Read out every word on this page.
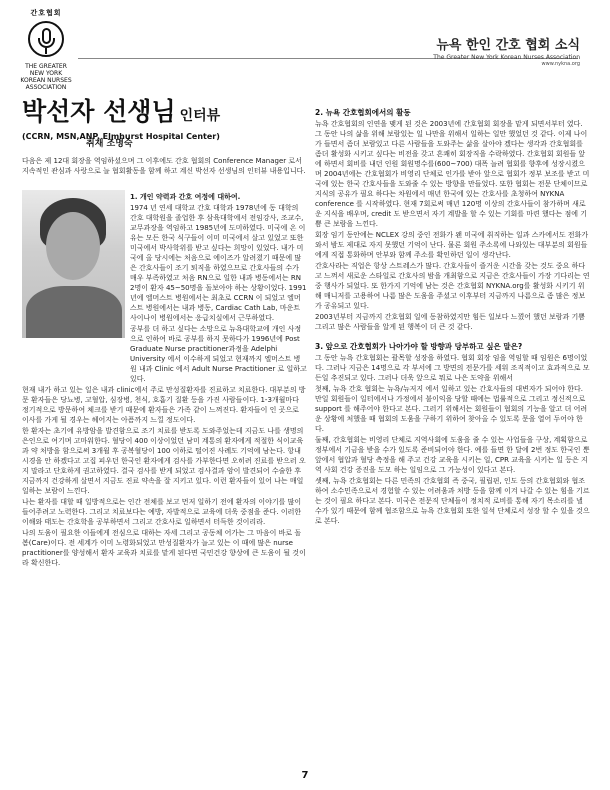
간호협회
THE GREATER NEW YORK KOREAN NURSES ASSOCIATION
뉴욕 한인 간호 협회 소식
The Greater New York Korean Nurses Association
www.nykna.org
박선자 선생님 인터뷰
(CCRN, MSN,ANP, Elmhurst Hospital Center)
취재 조명숙
다음은 제 12대 회장을 역임하셨으며 그 이후에도 간호 협회의 Conference Manager 로서 지속적인 관심과 사랑으로 늘 협회활동을 함께 하고 계신 박선자 선생님의 인터뷰 내용입니다.

1. 개인 약력과 간호 여정에 대하여.

1974 년 연세 대학교 간호 대학과 1978년에 동 대학의 간호 대학원을 졸업한 후 삼육대학에서 전임강사, 조교수, 교무과장을 역임하고 1985년에 도미하였다. 미국에 온 이유는 모든 한국 식구들이 이미 미국에서 살고 있었고 또한 미국에서 박사학위를 받고 싶다는 희망이 있었다. 내가 미국에 올 당시에는 처음으로 에이즈가 알려졌기 때문에 많은 간호사들이 조기 퇴직을 하였으므로 간호사들의 수가 매우 부족하였고 처음 RN으로 일한 내과 병동에서는 RN 2명이 환자 45~50명을 돌보아야 하는 상황이었다. 1991년에 엘머스트 병원에서는 최초로 CCRN 이 되었고 엘머스트 병원에서는 내과 병동, Cardiac Cath Lab, 마운트 사이나이 병원에서는 응급치실에서 근무하였다.

공부를 더 하고 싶다는 소망으로 뉴욕대학교에 개인 사정으로 인하여 바로 공부를 하지 못하다가 1996년에 Post Graduate Nurse practitioner과정을 Adelphi University 에서 이수하게 되었고 현재까지 엘머스트 병원 내과 Clinic 에서 Adult Nurse Practitioner 로 일하고 있다.

현재 내가 하고 있는 일은 내과 clinic에서 주로 만성질환자를 진료하고 치료한다. 대부분의 방문 환자들은 당뇨병, 고혈압, 심장병, 천식, 호흡기 질환 등을 가진 사람들이다. 1-3개월마다 정기적으로 방문하여 체크를 받기 때문에 환자들은 가족 같이 느껴진다. 환자들이 인 곳으로 이사를 가게 될 경우는 헤어지는 아픔까지 느낄 정도이다.

한 환자는 초기에 유방암을 발견함으로 조기 치료를 받도록 도와주었는데 지금도 나를 생명의 은인으로 여기며 고마워한다. 혈당이 400 이상이었던 남미 계통의 환자에게 적절한 식이교육과 약 처방을 함으로써 3개월 후 공복혈당이 100 이하로 떨어진 사례도 기억에 남는다. 항내시경을 안 하겠다고 고집 피우던 한국인 환자에게 검사를 가부한다면 오히려 진료를 받으러 오지 말라고 단호하게 권고하였다. 결국 검사를 받게 되었고 검사결과 암이 발견되어 수술한 후 지금까지 건강하게 살면서 지금도 진료 약속을 잘 지키고 있다. 이런 환자들이 있어 나는 매일 일하는 보람이 느낀다.

나는 환자를 대할 때 일방적으로는 인간 전체를 보고 먼저 일하기 전에 환자의 이야기를 많이 들어주려고 노력한다. 그리고 치료보다는 예방, 자발적으로 교육에 더욱 중점을 준다. 이러한 이해와 태도는 간호학을 공부하면서 그리고 간호사로 일하면서 터득한 것이리라.

나의 도움이 필요한 이들에게 전심으로 대하는 자세 그리고 공동체 어가는 그 마음이 바로 돌봄(Care)이다. 전 세계가 이미 노령화되었고 만성질환자가 늘고 있는 이 때에 많은 nurse practitioner를 양성해서 환자 교육과 치료를 맡게 된다면 국민건강 향상에 큰 도움이 될 것이라 확신한다.

2. 뉴욕 간호협회에서의 활동

뉴욕 간호협회의 인연을 맺게 된 것은 2003년에 간호협회 회장을 맡게 되면서부터 였다. 그 동안 나의 삶을 위해 보람있는 일 나만을 위해서 일하는 일만 했었던 것 같다. 이제 나이가 들면서 좀더 보람있고 다른 사람들을 도와주는 삶을 살아야 겠다는 생각과 간호협회를 좀더 활성화 시키고 싶다는 비전을 갖고 흔쾌히 회장직을 수락하였다. 간호협회 회원들 앞에 하면서 회비를 내던 인원 회원명수를(600~700) 대폭 늘려 협회를 향후에 성장시켰으며 2004년에는 간호협회가 비영리 단체로 인가를 받아 앞으로 협회가 정부 보조를 받고 미국에 있는 한국 간호사들을 도와줄 수 있는 방향을 만들었다. 또한 협회는 전문 단체이므로 지식의 공유가 필요 하다는 차원에서 매년 한국에 있는 간호사를 초청하여 NYKNA conference 를 시작하였다. 현재 7회로써 매년 120명 이상의 간호사들이 참가하며 새로운 지식을 배우며, credit 도 받으면서 자기 계발을 할 수 있는 기회를 마련 했다는 점에 기쁨 큰 보람을 느낀다.

회장 임기 동안에는 NCLEX 강의 중인 전화가 왠 미국에 취직하는 일과 스카에서도 전화가 와서 밤도 제대로 자지 못했던 기억이 난다. 물론 회원 주소록에 나와있는 대부분의 회원들에게 직접 통화하며 안부와 함께 주소를 확인하던 일이 생각난다.

간호사라는 직업은 항상 스트레스가 많다. 간호사들이 즐거운 시간을 갖는 것도 중요 하다고 느껴서 새로운 스타일로 간호사의 밤을 개최함으로 지금은 간호사들이 가장 기다리는 연중 행사가 되었다. 또 한가지 기억에 남는 것은 간호협회 NYKNA.org를 활성화 시키기 위해 매니저를 고용하여 나름 많은 도움을 주셨고 이후부터 지금까지 나름으로 좀 많은 정보가 공유되고 있다.

2003년부터 지금까지 간호협회 일에 동참하였지만 힘든 일보다 느꼈어 했던 보람과 기쁨 그리고 많은 사람들을 알게 된 행복이 더 큰 것 같다.

3. 앞으로 간호협회가 나아가야 할 방향과 당부하고 싶은 말은?

그 동안 뉴욕 간호협회는 괄목할 성장을 하였다. 협회 회장 임을 역임할 때 임원은 6명이었다. 그러나 지금은 14명으로 각 부서에 그 방면의 전문가를 세워 조직적이고 효과적으로 모든일 추진되고 있다. 그러나 더욱 앞으로 뭐로 나은 도약을 위해서

첫째, 뉴욕 간호 협회는 뉴욕/뉴저지 에서 일하고 있는 간호사들의 대변자가 되어야 한다. 만일 회원들이 일터에서나 가정에서 불이익을 당할 때에는 법률적으로 그리고 정신적으로 support 를 해주어야 한다고 본다. 그러기 위해서는 회원들이 협회의 기능을 알고 더 어려운 상황에 처했을 때 협회의 도움을 구하기 위하여 찾아올 수 있도록 문을 열어 두어야 한다.

둘째, 간호협회는 비영리 단체로 지역사회에 도움을 줄 수 있는 사업들을 구상, 계획함으로 정부에서 기금을 받을 수가 있도록 준비되어야 한다. 예를 들면 한 달에 2번 정도 한국인 뿐 앞에서 협압과 혈당 측정을 해 주고 건강 교육을 시키는 일, CPR 교육을 시키는 일 등은 지역 사회 건강 증진을 도모 하는 일임으로 그 가능성이 있다고 본다.

셋째, 뉴욕 간호협회는 다른 민족의 간호협회 즉 중국, 필립핀, 인도 등의 간호협회와 협조하여 소수민족으로서 경험할 수 있는 어려움과 처방 등을 함께 이겨 나갈 수 있는 힘을 기르는 것이 필요 하다고 본다. 미국은 전문직 단체들이 정치적 로비를 통해 자기 목소리를 낼 수가 있기 때문에 함께 협조함으로 뉴욕 간호협회 또한 일석 단체로서 성장 할 수 있을 것으로 본다.

7
